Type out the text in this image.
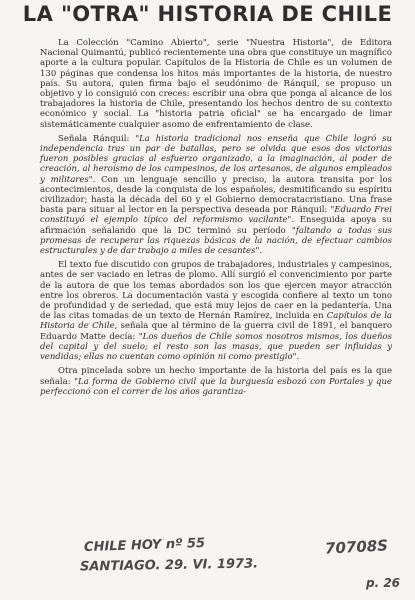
LA "OTRA" HISTORIA DE CHILE

La Colección "Camino Abierto", serie "Nuestra Historia", de Editora Nacional Quimantú, publicó recientemente una obra que constituye un magnífico aporte a la cultura popular. Capítulos de la Historia de Chile es un volumen de 130 páginas que condensa los hitos más importantes de la historia, de nuestro país. Su autora, quien firma bajo el seudónimo de Ránquil, se propuso un objetivo y lo consiguió con creces: escribir una obra que ponga al alcance de los trabajadores la historia de Chile, presentando los hechos dentro de su contexto económico y social. La "historia patria oficial" se ha encargado de limar sistemáticamente cualquier asomo de enfrentamiento de clase.

Señala Ránquil: "La historia tradicional nos enseña que Chile logró su independencia tras un par de batallas, pero se olvida que esos dos victorias fueron posibles gracias al esfuerzo organizado, a la imaginación, al poder de creación, al heroísmo de los campesinos, de los artesanos, de algunos empleados y militares". Con un lenguaje sencillo y preciso, la autora transita por los acontecimientos, desde la conquista de los españoles, desmitificando su espíritu civilizador; hasta la década del 60 y el Gobierno democratacristiano. Una frase basta para situar al lector en la perspectiva deseada por Ránquil: "Eduardo Frei constituyó el ejemplo típico del reformismo vacilante". Enseguida apoya su afirmación señalando que la DC terminó su período "faltando a todas sus promesas de recuperar las riquezas básicas de la nación, de efectuar cambios estructurales y de dar trabajo a miles de cesantes".

El texto fue discutido con grupos de trabajadores, industriales y campesinos, antes de ser vaciado en letras de plomo. Allí surgió el convencimiento por parte de la autora de que los temas abordados son los que ejercen mayor atracción entre los obreros. La documentación vasta y escogida confiere al texto un tono de profundidad y de seriedad, que está muy lejos de caer en la pedantería. Una de las citas tomadas de un texto de Hernán Ramírez, incluida en Capítulos de la Historia de Chile, señala que al término de la guerra civil de 1891, el banquero Eduardo Matte decía: "Los dueños de Chile somos nosotros mismos, los dueños del capital y del suelo; el resto son las masas, que pueden ser influidas y vendidas; ellas no cuentan como opinión ni como prestigio".

Otra pincelada sobre un hecho importante de la historia del país es la que señala: "La forma de Gobierno civil que la burguesía esbozó con Portales y que perfeccionó con el correr de los años garantiza-

CHILE HOY nº 55	70708S
SANTIAGO. 29. VI. 1973.
p. 26
